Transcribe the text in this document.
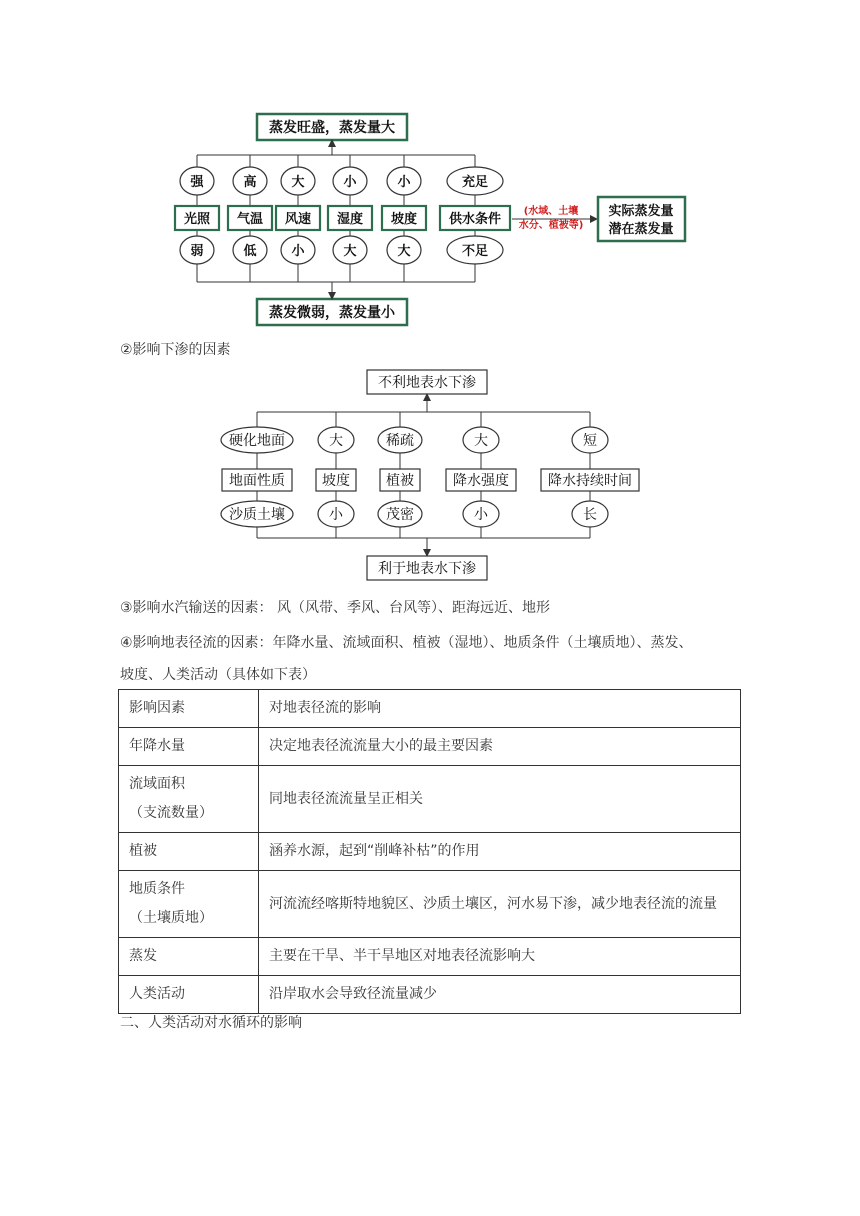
蒸发旺盛，蒸发量大
蒸发微弱，蒸发量小
强
光照
弱
高
气温
低
大
风速
小
小
湿度
大
小
坡度
大
充足
供水条件
不足
(水域、土壤
水分、植被等)
实际蒸发量
潜在蒸发量
②影响下渗的因素
不利地表水下渗
利于地表水下渗
硬化地面
地面性质
沙质土壤
大
坡度
小
稀疏
植被
茂密
大
降水强度
小
短
降水持续时间
长
③影响水汽输送的因素： 风（风带、季风、台风等）、距海远近、地形
④影响地表径流的因素：年降水量、流域面积、植被（湿地）、地质条件（土壤质地）、蒸发、
坡度、人类活动（具体如下表）
影响因素	对地表径流的影响
年降水量	决定地表径流流量大小的最主要因素
流域面积
（支流数量）	同地表径流流量呈正相关
植被	涵养水源，起到“削峰补枯”的作用
地质条件
（土壤质地）	河流流经喀斯特地貌区、沙质土壤区，河水易下渗，减少地表径流的流量
蒸发	主要在干旱、半干旱地区对地表径流影响大
人类活动	沿岸取水会导致径流量减少
二、人类活动对水循环的影响
